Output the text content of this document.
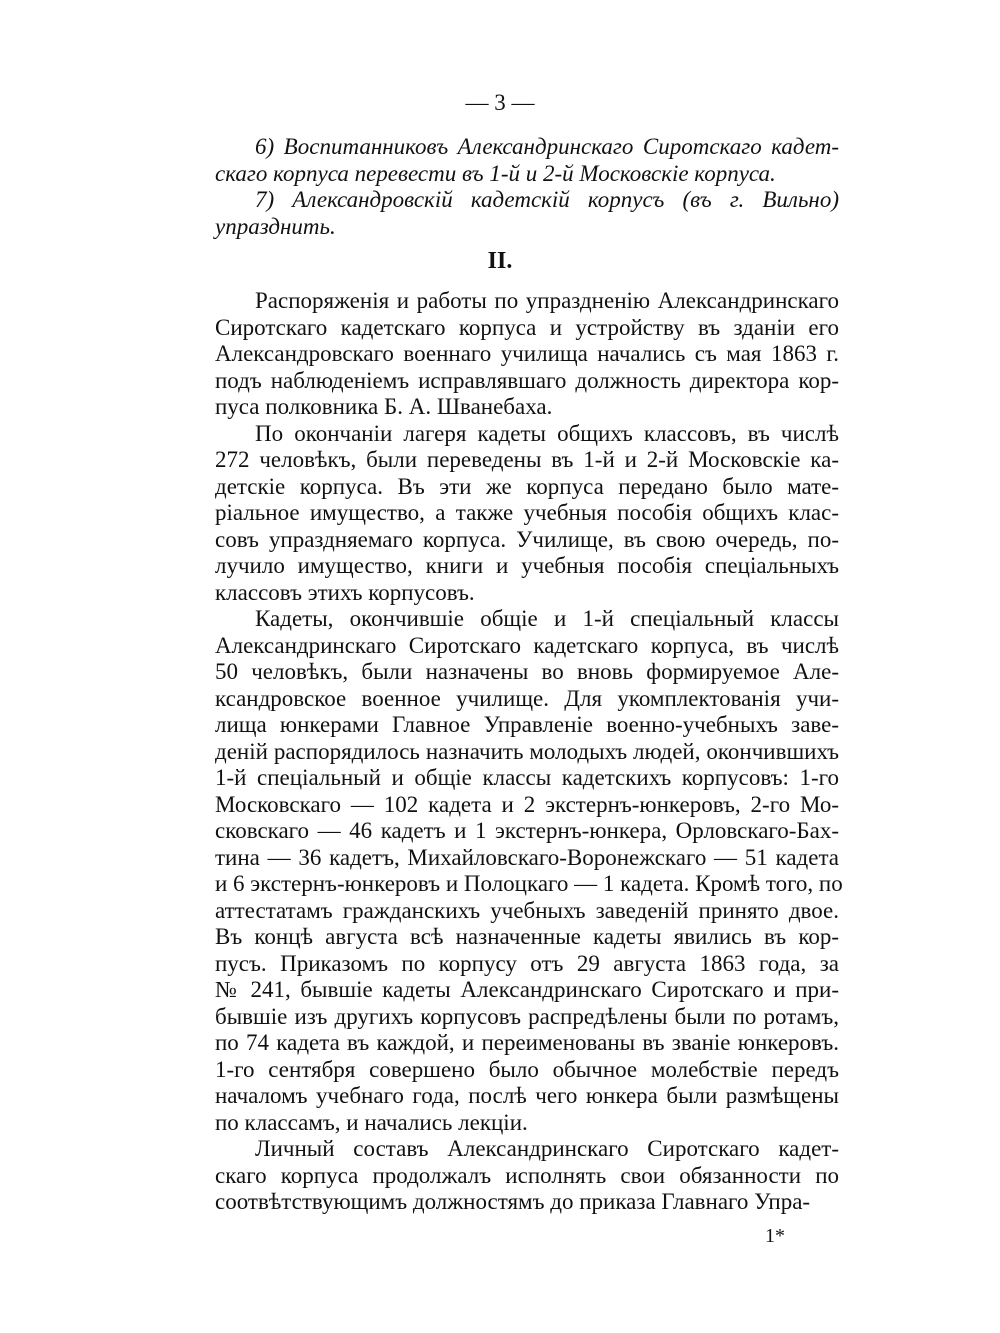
— 3 —
6) Воспитанниковъ Александринскаго Сиротскаго кадет-
скаго корпуса перевести въ 1-й и 2-й Московскіе корпуса.
7) Александровскій кадетскій корпусъ (въ г. Вильно)
упразднить.
II.
Распоряженія и работы по упраздненію Александринскаго
Сиротскаго кадетскаго корпуса и устройству въ зданіи его
Александровскаго военнаго училища начались съ мая 1863 г.
подъ наблюденіемъ исправлявшаго должность директора кор-
пуса полковника Б. А. Шванебаха.
По окончаніи лагеря кадеты общихъ классовъ, въ числѣ
272 человѣкъ, были переведены въ 1-й и 2-й Московскіе ка-
детскіе корпуса. Въ эти же корпуса передано было мате-
ріальное имущество, а также учебныя пособія общихъ клас-
совъ упраздняемаго корпуса. Училище, въ свою очередь, по-
лучило имущество, книги и учебныя пособія спеціальныхъ
классовъ этихъ корпусовъ.
Кадеты, окончившіе общіе и 1-й спеціальный классы
Александринскаго Сиротскаго кадетскаго корпуса, въ числѣ
50 человѣкъ, были назначены во вновь формируемое Але-
ксандровское военное училище. Для укомплектованія учи-
лища юнкерами Главное Управленіе военно-учебныхъ заве-
деній распорядилось назначить молодыхъ людей, окончившихъ
1-й спеціальный и общіе классы кадетскихъ корпусовъ: 1-го
Московскаго — 102 кадета и 2 экстернъ-юнкеровъ, 2-го Мо-
сковскаго — 46 кадетъ и 1 экстернъ-юнкера, Орловскаго-Бах-
тина — 36 кадетъ, Михайловскаго-Воронежскаго — 51 кадета
и 6 экстернъ-юнкеровъ и Полоцкаго — 1 кадета. Кромѣ того, по
аттестатамъ гражданскихъ учебныхъ заведеній принято двое.
Въ концѣ августа всѣ назначенные кадеты явились въ кор-
пусъ. Приказомъ по корпусу отъ 29 августа 1863 года, за
№ 241, бывшіе кадеты Александринскаго Сиротскаго и при-
бывшіе изъ другихъ корпусовъ распредѣлены были по ротамъ,
по 74 кадета въ каждой, и переименованы въ званіе юнкеровъ.
1-го сентября совершено было обычное молебствіе передъ
началомъ учебнаго года, послѣ чего юнкера были размѣщены
по классамъ, и начались лекціи.
Личный составъ Александринскаго Сиротскаго кадет-
скаго корпуса продолжалъ исполнять свои обязанности по
соотвѣтствующимъ должностямъ до приказа Главнаго Упра-
1*
